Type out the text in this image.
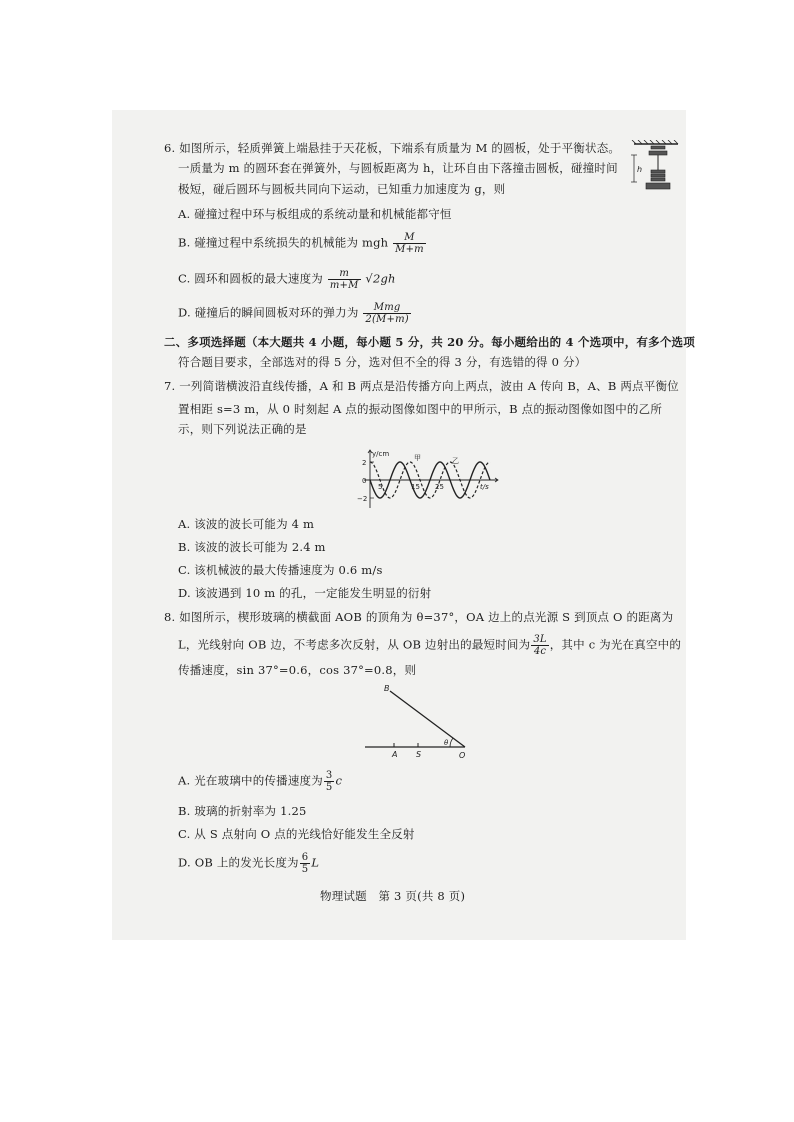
6. 如图所示，轻质弹簧上端悬挂于天花板，下端系有质量为 M 的圆板，处于平衡状态。
一质量为 m 的圆环套在弹簧外，与圆板距离为 h，让环自由下落撞击圆板，碰撞时间
极短，碰后圆环与圆板共同向下运动，已知重力加速度为 g，则
A. 碰撞过程中环与板组成的系统动量和机械能都守恒
B. 碰撞过程中系统损失的机械能为 mgh $\frac{M}{M+m}$
C. 圆环和圆板的最大速度为 $\frac{m}{m+M} √2gh$
D. 碰撞后的瞬间圆板对环的弹力为 $\frac{\text{Mmg}}{2(M+m)}$
h
二、多项选择题（本大题共 4 小题，每小题 5 分，共 20 分。每小题给出的 4 个选项中，有多个选项
符合题目要求，全部选对的得 5 分，选对但不全的得 3 分，有选错的得 0 分）
7. 一列简谐横波沿直线传播，A 和 B 两点是沿传播方向上两点，波由 A 传向 B，A、B 两点平衡位
置相距 s=3 m，从 0 时刻起 A 点的振动图像如图中的甲所示，B 点的振动图像如图中的乙所
示，则下列说法正确的是
y/cm
2
0
−2
5	15 25	t/s
甲	乙
A. 该波的波长可能为 4 m
B. 该波的波长可能为 2.4 m
C. 该机械波的最大传播速度为 0.6 m/s
D. 该波遇到 10 m 的孔，一定能发生明显的衍射
8. 如图所示，楔形玻璃的横截面 AOB 的顶角为 θ=37°，OA 边上的点光源 S 到顶点 O 的距离为
L，光线射向 OB 边，不考虑多次反射，从 OB 边射出的最短时间为 $\frac{3L}{4c}$ ，其中 c 为光在真空中的
传播速度，sin 37°=0.6，cos 37°=0.8，则
B
A S	O
θ
A. 光在玻璃中的传播速度为 $\frac{3}{5}$ c
B. 玻璃的折射率为 1.25
C. 从 S 点射向 O 点的光线恰好能发生全反射
D. OB 上的发光长度为 $\frac{6}{5}$ L
物理试题　第 3 页(共 8 页)
